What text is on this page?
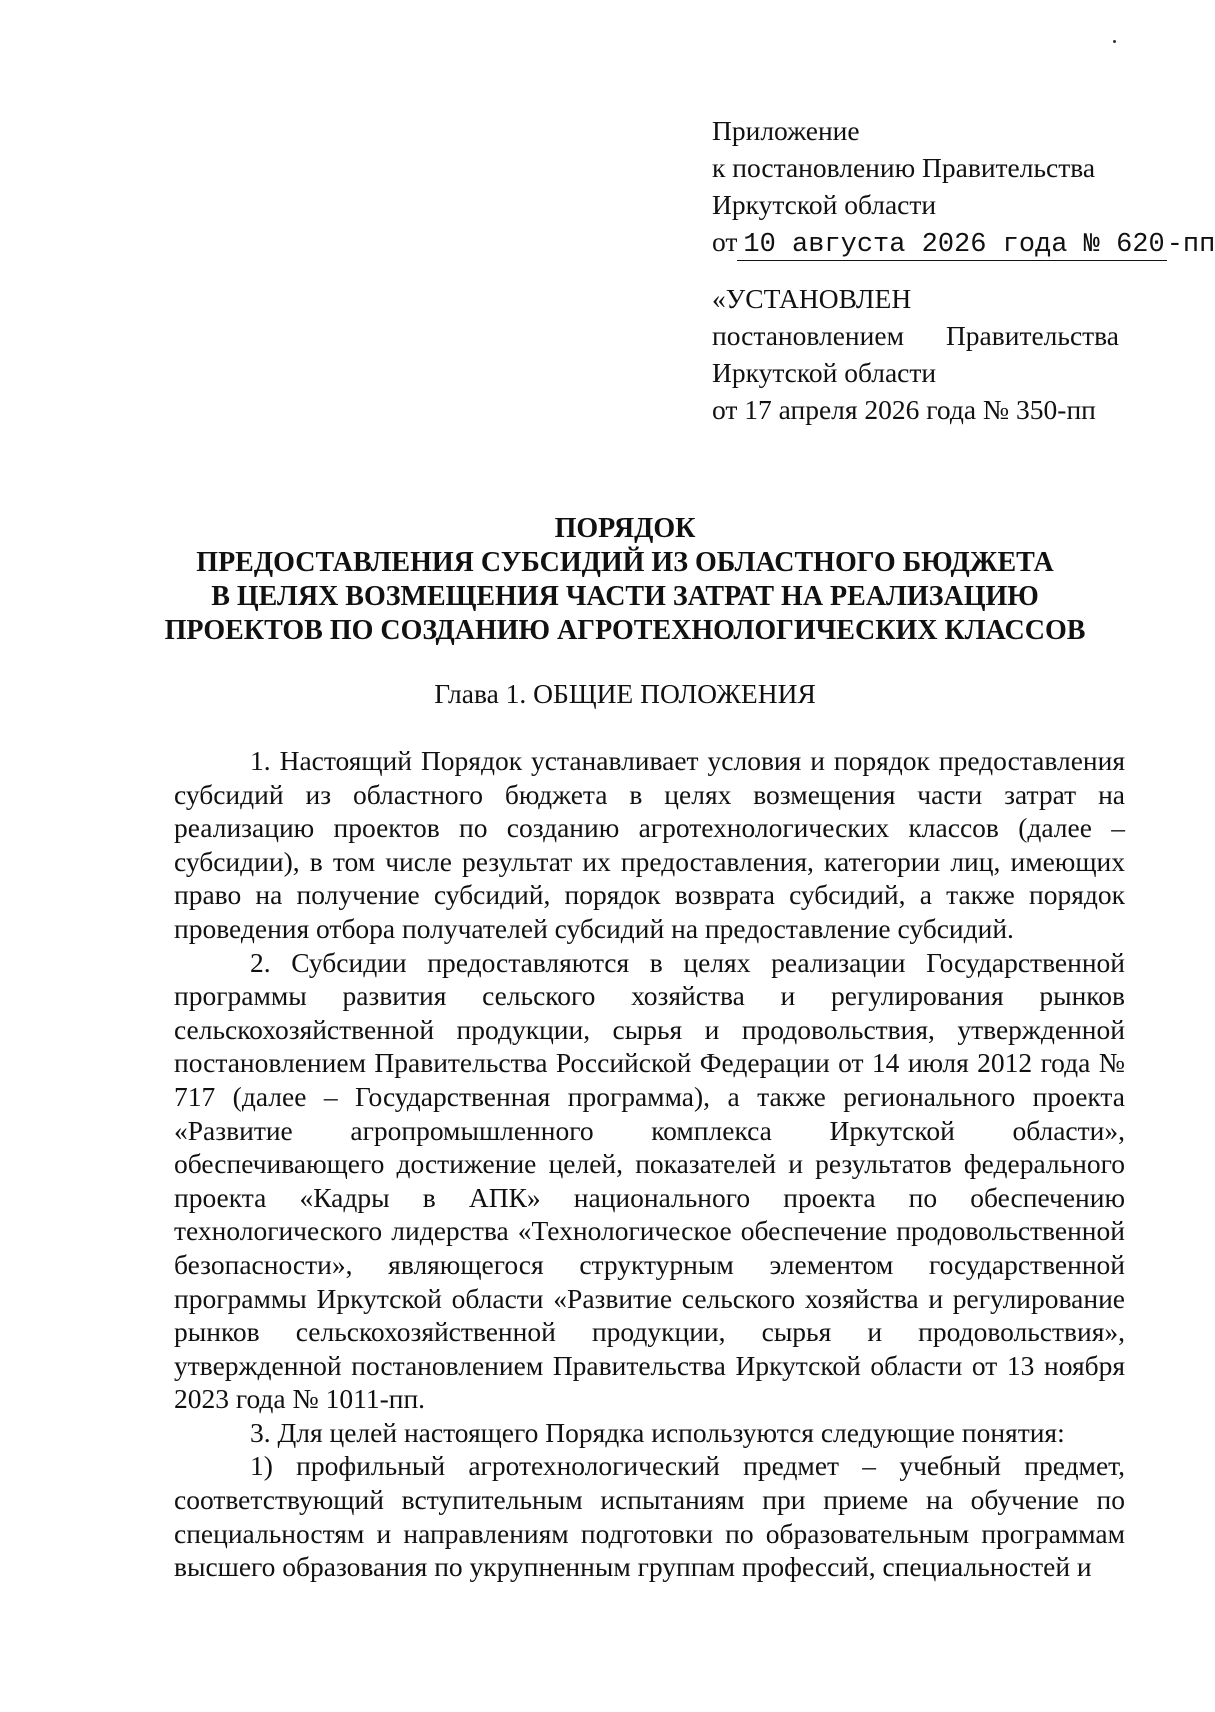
Приложение
к постановлению Правительства
Иркутской области
от 10 августа 2026 года № 620-пп
«УСТАНОВЛЕН
постановлением Правительства
Иркутской области
от 17 апреля 2026 года № 350-пп
ПОРЯДОК
ПРЕДОСТАВЛЕНИЯ СУБСИДИЙ ИЗ ОБЛАСТНОГО БЮДЖЕТА
В ЦЕЛЯХ ВОЗМЕЩЕНИЯ ЧАСТИ ЗАТРАТ НА РЕАЛИЗАЦИЮ
ПРОЕКТОВ ПО СОЗДАНИЮ АГРОТЕХНОЛОГИЧЕСКИХ КЛАССОВ
Глава 1. ОБЩИЕ ПОЛОЖЕНИЯ

1. Настоящий Порядок устанавливает условия и порядок предоставления субсидий из областного бюджета в целях возмещения части затрат на реализацию проектов по созданию агротехнологических классов (далее – субсидии), в том числе результат их предоставления, категории лиц, имеющих право на получение субсидий, порядок возврата субсидий, а также порядок проведения отбора получателей субсидий на предоставление субсидий.

2. Субсидии предоставляются в целях реализации Государственной программы развития сельского хозяйства и регулирования рынков сельскохозяйственной продукции, сырья и продовольствия, утвержденной постановлением Правительства Российской Федерации от 14 июля 2012 года № 717 (далее – Государственная программа), а также регионального проекта «Развитие агропромышленного комплекса Иркутской области», обеспечивающего достижение целей, показателей и результатов федерального проекта «Кадры в АПК» национального проекта по обеспечению технологического лидерства «Технологическое обеспечение продовольственной безопасности», являющегося структурным элементом государственной программы Иркутской области «Развитие сельского хозяйства и регулирование рынков сельскохозяйственной продукции, сырья и продовольствия», утвержденной постановлением Правительства Иркутской области от 13 ноября 2023 года № 1011-пп.

3. Для целей настоящего Порядка используются следующие понятия:

1) профильный агротехнологический предмет – учебный предмет, соответствующий вступительным испытаниям при приеме на обучение по специальностям и направлениям подготовки по образовательным программам высшего образования по укрупненным группам профессий, специальностей и
